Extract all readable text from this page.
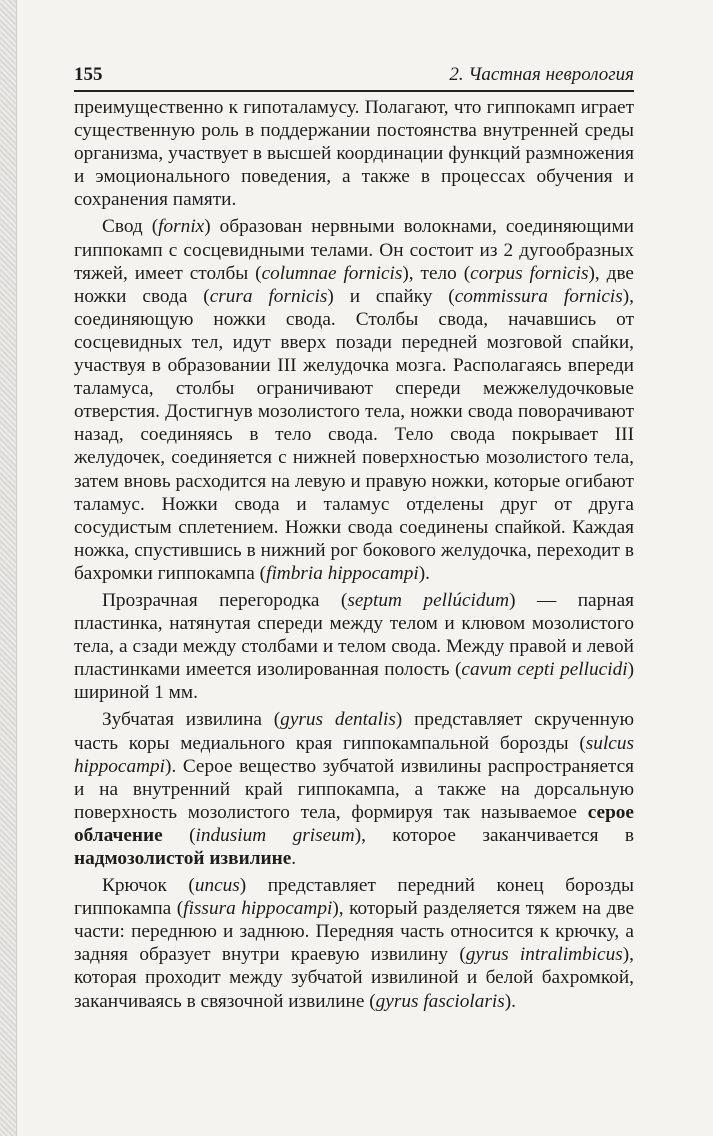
155	2. Частная неврология

преимущественно к гипоталамусу. Полагают, что гиппокамп играет существенную роль в поддержании постоянства внутренней среды организма, участвует в высшей координации функций размножения и эмоционального поведения, а также в процессах обучения и сохранения памяти.

Свод (fornix) образован нервными волокнами, соединяющими гиппокамп с сосцевидными телами. Он состоит из 2 дугообразных тяжей, имеет столбы (columnae fornicis), тело (corpus fornicis), две ножки свода (crura fornicis) и спайку (commissura fornicis), соединяющую ножки свода. Столбы свода, начавшись от сосцевидных тел, идут вверх позади передней мозговой спайки, участвуя в образовании III желудочка мозга. Располагаясь впереди таламуса, столбы ограничивают спереди межжелудочковые отверстия. Достигнув мозолистого тела, ножки свода поворачивают назад, соединяясь в тело свода. Тело свода покрывает III желудочек, соединяется с нижней поверхностью мозолистого тела, затем вновь расходится на левую и правую ножки, которые огибают таламус. Ножки свода и таламус отделены друг от друга сосудистым сплетением. Ножки свода соединены спайкой. Каждая ножка, спустившись в нижний рог бокового желудочка, переходит в бахромки гиппокампа (fimbria hippocampi).

Прозрачная перегородка (septum pellúcidum) — парная пластинка, натянутая спереди между телом и клювом мозолистого тела, а сзади между столбами и телом свода. Между правой и левой пластинками имеется изолированная полость (cavum cepti pellucidi) шириной 1 мм.

Зубчатая извилина (gyrus dentalis) представляет скрученную часть коры медиального края гиппокампальной борозды (sulcus hippocampi). Серое вещество зубчатой извилины распространяется и на внутренний край гиппокампа, а также на дорсальную поверхность мозолистого тела, формируя так называемое серое облачение (indusium griseum), которое заканчивается в надмозолистой извилине.

Крючок (uncus) представляет передний конец борозды гиппокампа (fissura hippocampi), который разделяется тяжем на две части: переднюю и заднюю. Передняя часть относится к крючку, а задняя образует внутри краевую извилину (gyrus intralimbicus), которая проходит между зубчатой извилиной и белой бахромкой, заканчиваясь в связочной извилине (gyrus fasciolaris).
